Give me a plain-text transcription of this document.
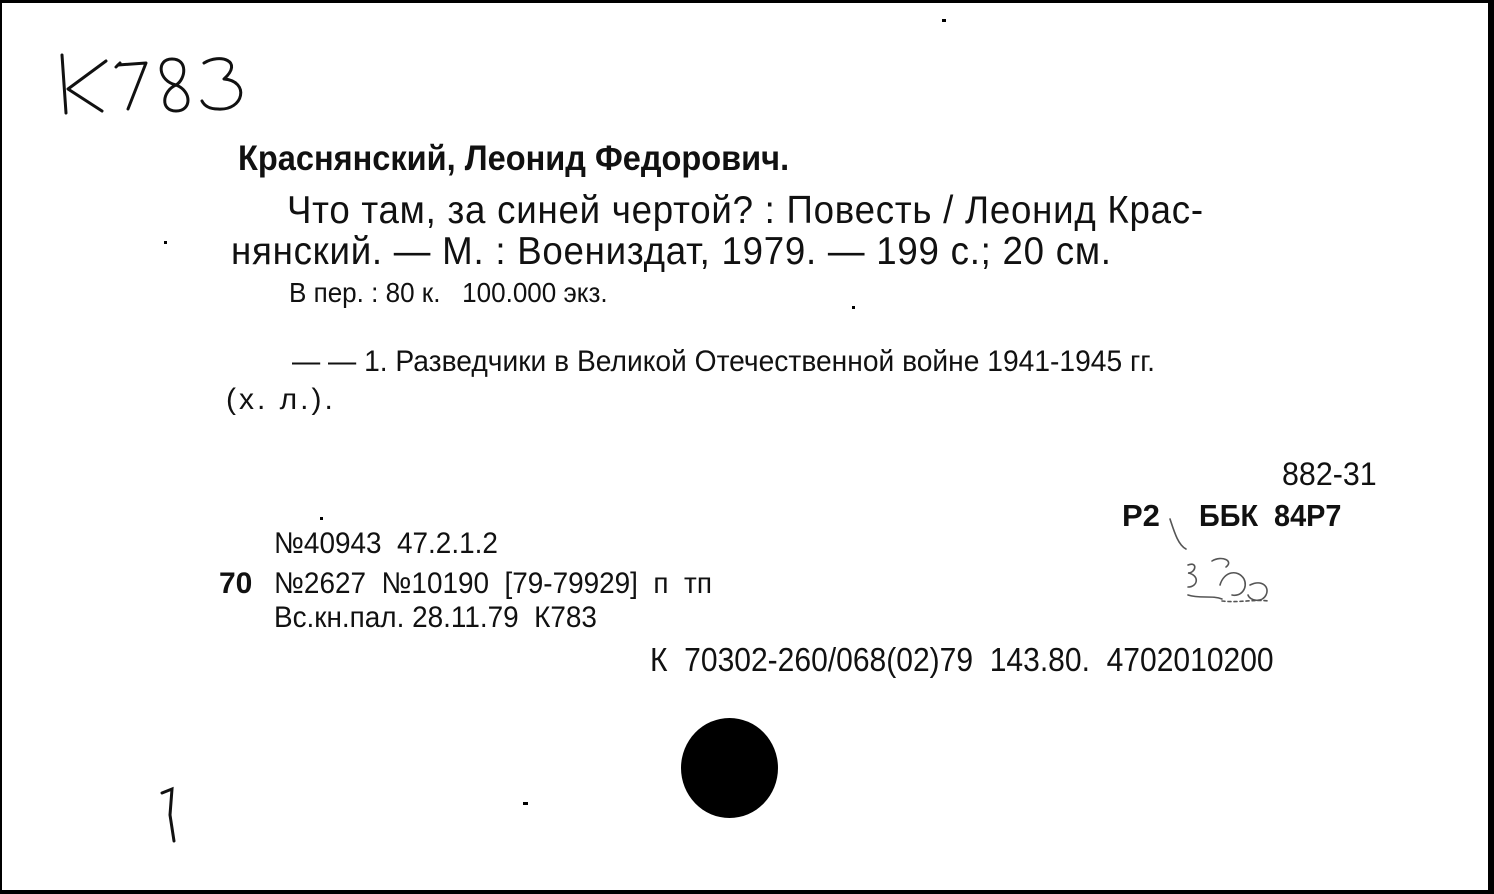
Краснянский, Леонид Федорович.
Что там, за синей чертой? : Повесть / Леонид Крас-
нянский. — М. : Воениздат, 1979. — 199 с.; 20 см.
В пер. : 80 к.   100.000 экз.
— — 1. Разведчики в Великой Отечественной войне 1941-1945 гг.
(х. л.).
882-31
Р2 ББК  84Р7
№40943  47.2.1.2
70 №2627  №10190  [79-79929]  п  тп
Вс.кн.пал. 28.11.79  К783
К  70302-260/068(02)79  143.80.  4702010200
